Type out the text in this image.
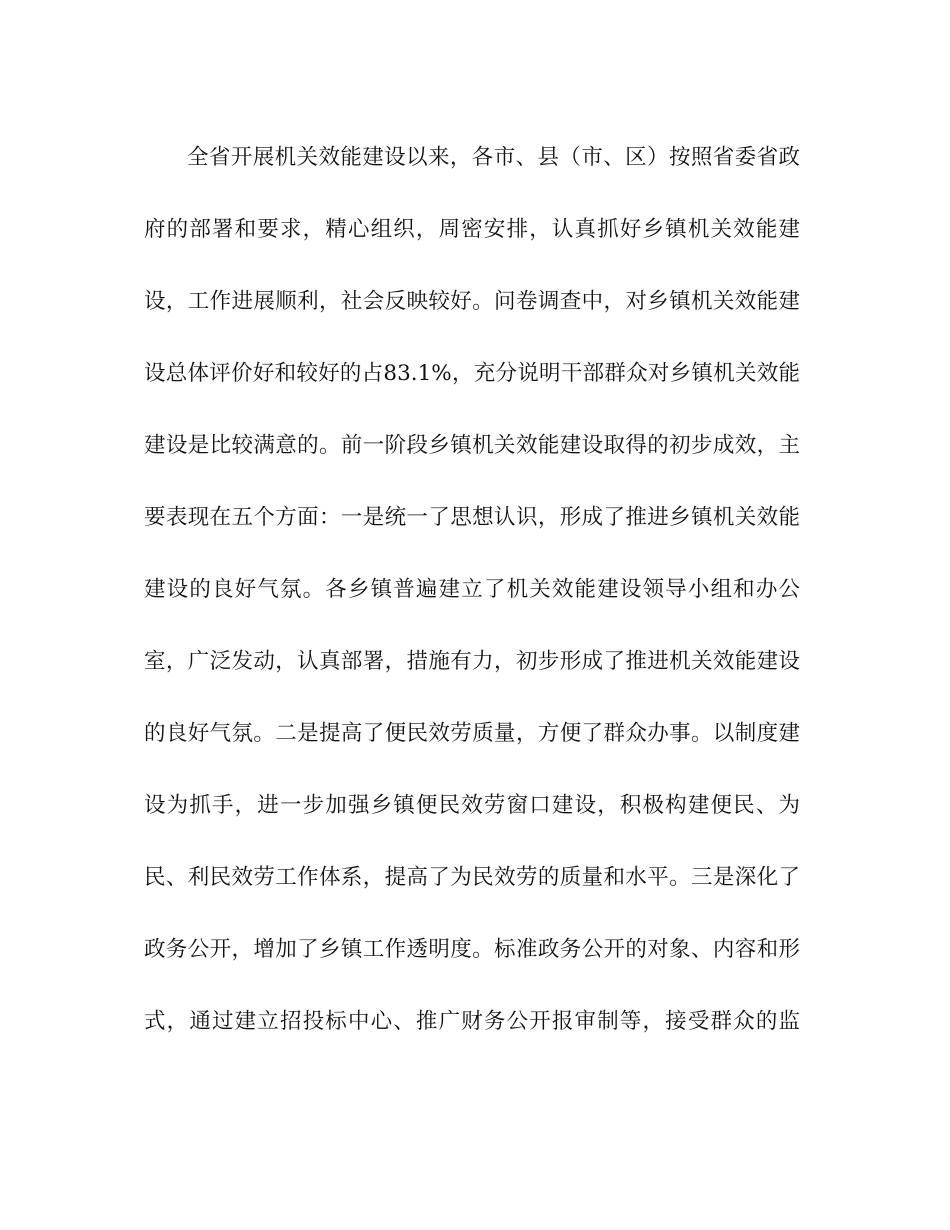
全省开展机关效能建设以来，各市、县（市、区）按照省委省政
府的部署和要求，精心组织，周密安排，认真抓好乡镇机关效能建
设，工作进展顺利，社会反映较好。问卷调查中，对乡镇机关效能建
设总体评价好和较好的占83.1%，充分说明干部群众对乡镇机关效能
建设是比较满意的。前一阶段乡镇机关效能建设取得的初步成效，主
要表现在五个方面：一是统一了思想认识，形成了推进乡镇机关效能
建设的良好气氛。各乡镇普遍建立了机关效能建设领导小组和办公
室，广泛发动，认真部署，措施有力，初步形成了推进机关效能建设
的良好气氛。二是提高了便民效劳质量，方便了群众办事。以制度建
设为抓手，进一步加强乡镇便民效劳窗口建设，积极构建便民、为
民、利民效劳工作体系，提高了为民效劳的质量和水平。三是深化了
政务公开，增加了乡镇工作透明度。标准政务公开的对象、内容和形
式，通过建立招投标中心、推广财务公开报审制等，接受群众的监
